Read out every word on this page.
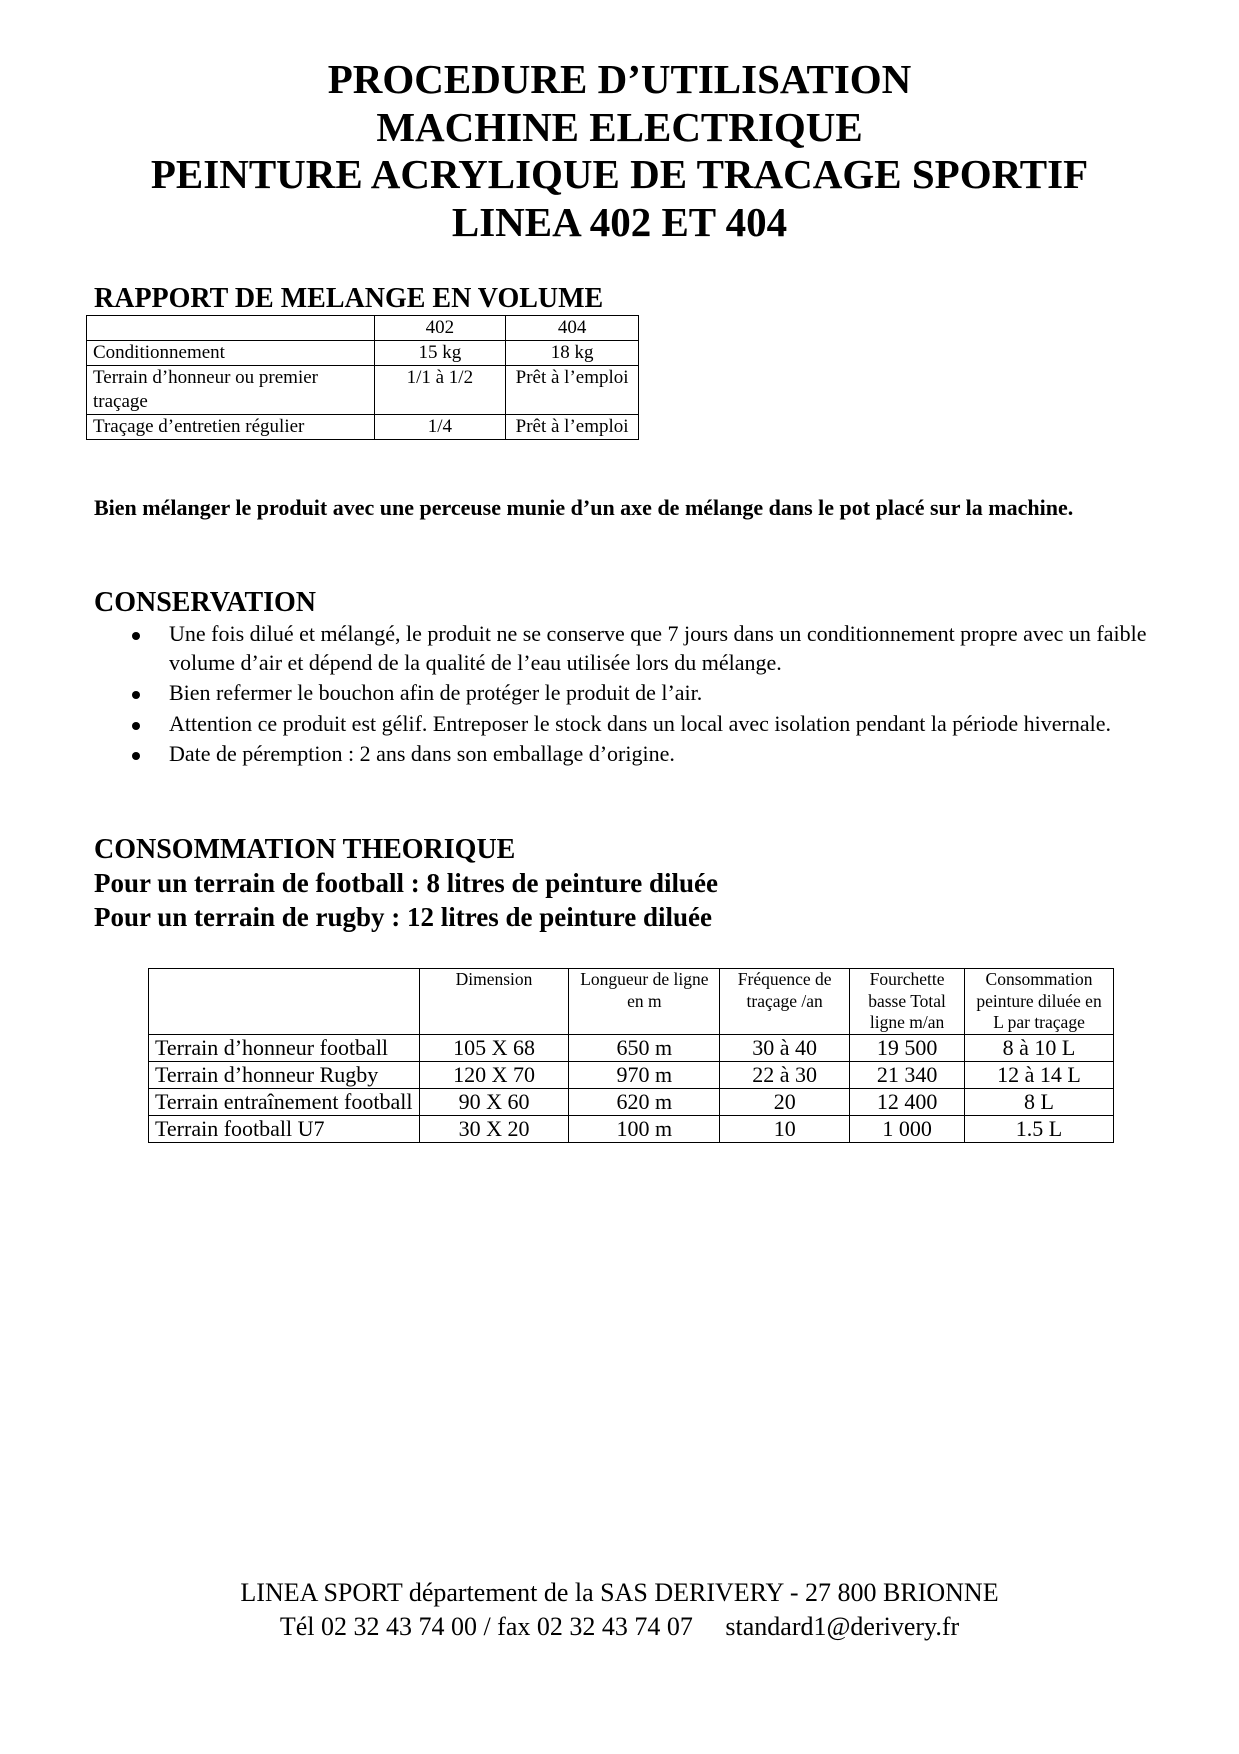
PROCEDURE D’UTILISATION
MACHINE ELECTRIQUE
PEINTURE ACRYLIQUE DE TRACAGE SPORTIF
LINEA 402 ET 404
RAPPORT DE MELANGE EN VOLUME
	402	404
Conditionnement	15 kg	18 kg
Terrain d’honneur ou premier traçage	1/1 à 1/2	Prêt à l’emploi
Traçage d’entretien régulier	1/4	Prêt à l’emploi
Bien mélanger le produit avec une perceuse munie d’un axe de mélange dans le pot placé sur la machine.
CONSERVATION
Une fois dilué et mélangé, le produit ne se conserve que 7 jours dans un conditionnement propre avec un faible volume d’air et dépend de la qualité de l’eau utilisée lors du mélange.
Bien refermer le bouchon afin de protéger le produit de l’air.
Attention ce produit est gélif. Entreposer le stock dans un local avec isolation pendant la période hivernale.
Date de péremption : 2 ans dans son emballage d’origine.
CONSOMMATION THEORIQUE
Pour un terrain de football : 8 litres de peinture diluée
Pour un terrain de rugby : 12 litres de peinture diluée
	Dimension	Longueur de ligne en m	Fréquence de traçage /an	Fourchette basse Total ligne m/an	Consommation peinture diluée en L par traçage
Terrain d’honneur football	105 X 68	650 m	30 à 40	19 500	8 à 10 L
Terrain d’honneur Rugby	120 X 70	970 m	22 à 30	21 340	12 à 14 L
Terrain entraînement football	90 X 60	620 m	20	12 400	8 L
Terrain football U7	30 X 20	100 m	10	1 000	1.5 L
LINEA SPORT département de la SAS DERIVERY - 27 800 BRIONNE
Tél 02 32 43 74 00 / fax 02 32 43 74 07 standard1@derivery.fr
